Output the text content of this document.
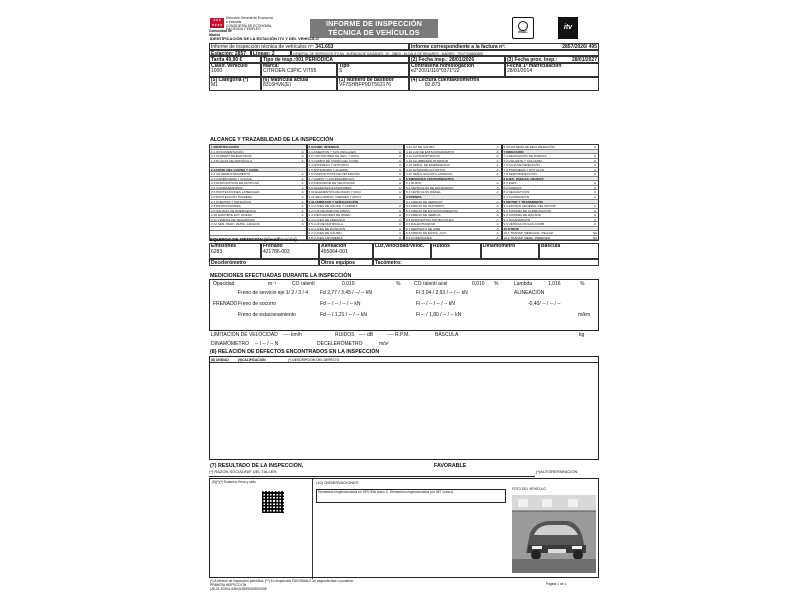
★★★
★★★★
Dirección General de Economía
e Industria
CONSEJERÍA DE ECONOMÍA,
HACIENDA Y EMPLEO
Comunidad de Madrid
INFORME DE INSPECCIÓN
TÉCNICA DE VEHÍCULOS	ENAC
itv
IDENTIFICACIÓN DE LA ESTACIÓN ITV Y DEL VEHÍCULO
Informe de inspección técnica de vehículos nº: 341.653	Informe correspondiente a la factura nº:	2857/2026/ 495
Estación: 2857	Líneas: 2	GENERAL DE SERVICIOS ITV,SA - AVENIDA DE DAGANZO, 19 - 28805 - ALCALÁ DE HENARES - MADRID - TELF:918830855
Tarifa 49,90 €	Tipo de insp.:001 PERIODICA	(2) Fecha insp.: 28/01/2026	(3) Fecha prox. Insp.:	28/01/2027
Clasif. vehículo
1000
Marca:
CITROEN C3PIC VIT95
Tipo
S
Contraseña homologación
e2*2001/116*0371*22
Fecha 1ª matriculación
28/01/2014
(5) Categoría (*)
M1
(6) Matrícula actual
8316HVK(E)
(1) Número de bastidor
VF7SHBFP0DT563176
(4) Lectura cuentakilómetros
82.873
ALCANCE Y TRAZABILIDAD DE LA INSPECCIÓN
1 IDENTIFICACIÓN
1.1 DOCUMENTACIÓN	A
1.2 NÚMERO DE BASTIDOR	A
1.3 PLACAS DE MATRÍCULA	A
2 ACOND. DEL CHASIS Y CARR.
2.1 ANTIEMPOTRAMIENTO	A
2.2 CARROCERÍA Y CHASIS	A
2.3 DISPOSITIVOS DE ACOPLAM.	A
2.4 GUARDABARROS	A
2.5 PROTECCIONES LATERALES	A
2.6 PROTECCIÓN TRASERA	A
2.7 PUERTAS Y PELDAÑOS	A
2.8 RETROVISORES	A
2.9 SALIDAS DE EMERGENCIA	A
2.10 SOPORTE EXT. RUEDA	A
2.11 VIDRIOS DE SEGURIDAD	A
2.12 SEÑ. PERF. VEHÍC. LARGOS	A
3 ACOND. INTERIOR
3.1 ASIENTOS Y SUS ANCLAJES	A
3.2 CINTURONES DE SEG. Y ANCL.	A
3.3 CAMPO DE VISIÓN DEL COND.	A
3.4 ANTIHIELO Y ANTIVAHO	A
3.5 ANTIRROBO Y ALARMA	A
3.6 DISPOSITIVOS DE RETENCIÓN	A
3.7 LIMPIA Y LAVAPARABRISAS	A
3.8 INDICADOR DE VELOCIDAD	A
3.9 SALIENTES EXTERIORES	A
3.10 ELEMENTOS DE IZADO Y MAN.	A
3.11 SEGURIDAD, CIERRES TURIST.	A
4 ALUMBRADO Y SEÑALIZACIÓN
4.1 LUCES DE CRUCE Y CARRET.	A
4.2 LUZ DE MARCHA ATRÁS	A
4.3 INDICADORES DE DIREC.	A
4.4 LUCES DE FRENADO	A
4.5 LUZ DE MATRÍCULA	A
4.6 LUCES DE POSICIÓN	A
4.7 LUCES DE GÁLIBO	A
4.8 LUCES ANTINIEBLA	A
4.9 LUZ DE GÁLIBO	A
4.10 LUZ DE ESTACIONAMIENTO	A
4.11 CATADIÓPTRICOS	A
4.12 ALUMBRADO INTERIOR	A
4.13 SEÑAL DE EMERGENCIA	A
4.14 AVISADOR ACÚSTICO	A
4.15 SEÑALIZACIÓN LUMINOSA	A
5 EMISIONES CONTAMINANTES
5.1 RUIDO	A
5.2 VEHÍCULOS DE ENCENDIDO	A
5.3 VEHÍCULOS DIÉSEL	A
6 FRENOS
6.1 FRENO DE SERVICIO	A
6.2 FRENO DE SOCORRO	A
6.3 FRENO DE ESTACIONAMIENTO	A
6.4 FRENO DE INERCIA	A
6.5 DISPOSITIVO ANTIBLOQUEO	A
6.6 RALENTIZADOR	A
6.7 DEPÓSITO DE AIRE	A
6.8 FRENO DE ESTAC. AUX.	A
6.9 CONEXIONES	A
6.10 SISTEMA DE RECUPERACIÓN	A
7 DIRECCIÓN
7.1 DESVIACIÓN DE RUEDAS	A
7.2 VOLANTE Y COLUMNA	A
7.3 CAJA DE DIRECCIÓN	A
7.4 TIMONERÍA Y RÓTULAS	A
7.5 SERVODIRECCIÓN	A
8 EJES, RUEDAS, NEUMÁT.
8.1 EJES	A
8.2 RUEDAS	A
8.3 NEUMÁTICOS	A
8.4 SUSPENSIÓN	A
9 MOTOR Y TRANSMISIÓN
9.1 ESTADO GENERAL DEL MOTOR	A
9.2 SISTEMA DE ALIMENTACIÓN	A
9.3 SISTEMA DE ESCAPE	A
9.4 TRANSMISIÓN	A
9.5 VEHÍCULOS GAS COMB.	A
10 OTROS
10.1 TRANSP. MERCANC. PELIGR.	NA
10.2 TRANSP. MERC. PERECED.	NA
EQUIPOS DE MEDICIÓN (Identificación)
Emisiones
6283
Frenado
421786-003
Alineación
455064-001
Luz,Velocidad/Veloc.	Ruidos	Dinamómetro	Báscula
Decelerómetro	Otros equipos	Tacómetro:
MEDICIONES EFECTUADAS DURANTE LA INSPECCIÓN
Opacidad	m⁻¹	CO ralentí	0,010	%	CO ralentí acel	0,010 %	Lambda	1,016	%
FRENADO
Freno de servicio eje 1/ 2 / 3 / 4 Fd 2,77 / 3,45 / --/ -- kN	Fi 3,04 / 2,93 / -- / -- kN
Freno de socorro	Fd -- / -- / -- / -- kN	Fi -- / -- / -- / -- kN
Freno de estacionamiento	Fd -- / 1,21 / -- / -- kN	Fi -- / 1,80 / -- / -- kN
ALINEACIÓN
-0,40/ -- / -- / --
m/km
LIMITACIÓN DE VELOCIDAD ---- km/h	RUIDOS ---- dB	---- R.P.M.	BÁSCULA	kg
DINAMÓMETRO -- / -- / -- N	DECELERÓMETRO	m/s²
(8) RELACIÓN DE DEFECTOS ENCONTRADOS EN LA INSPECCIÓN
(8) UNIDAD	(9)CALIFICACIÓN	(*) DESCRIPCIÓN DEL DEFECTO
(7) RESULTADO DE LA INSPECCIÓN,	FAVORABLE
(*) RAZÓN SOCIAL/NIF DEL TALLER:	(*)AUTOREPARACIÓN
(9)(*)(*) Estación, firma y sello	(10) OBSERVACIONES
Elementos inspeccionados en OFICINA como C. Elementos inspeccionados por 067 como A.
FOTO DEL VEHÍCULO
(*) A efectos de inspección periódica, (**) En inspección FAVORABLE de segunda fase o posterior
PRIMERA INSPECCIÓN
(28-01-2026/1/2/8/00/2859/000000008
Página 1 de 1
